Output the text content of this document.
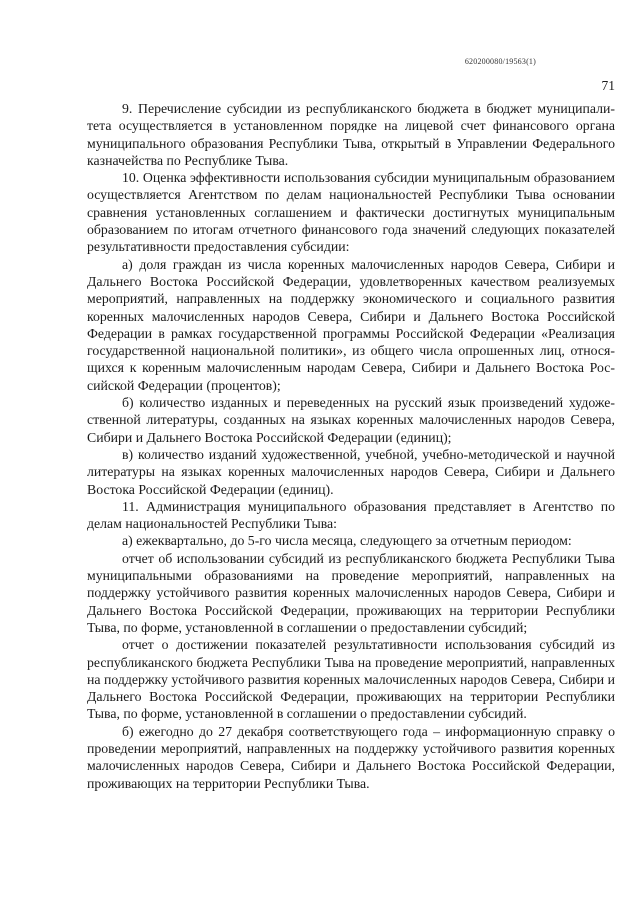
620200080/19563(1)
71

9. Перечисление субсидии из республиканского бюджета в бюджет муниципалитета осуществляется в установленном порядке на лицевой счет финансового органа муниципального образования Республики Тыва, открытый в Управлении Федерального казначейства по Республике Тыва.

10. Оценка эффективности использования субсидии муниципальным образованием осуществляется Агентством по делам национальностей Республики Тыва основании сравнения установленных соглашением и фактически достигнутых муниципальным образованием по итогам отчетного финансового года значений следующих показателей результативности предоставления субсидии:

а) доля граждан из числа коренных малочисленных народов Севера, Сибири и Дальнего Востока Российской Федерации, удовлетворенных качеством реализуемых мероприятий, направленных на поддержку экономического и социального развития коренных малочисленных народов Севера, Сибири и Дальнего Востока Российской Федерации в рамках государственной программы Российской Федерации «Реализация государственной национальной политики», из общего числа опрошенных лиц, относящихся к коренным малочисленным народам Севера, Сибири и Дальнего Востока Российской Федерации (процентов);

б) количество изданных и переведенных на русский язык произведений художественной литературы, созданных на языках коренных малочисленных народов Севера, Сибири и Дальнего Востока Российской Федерации (единиц);

в) количество изданий художественной, учебной, учебно-методической и научной литературы на языках коренных малочисленных народов Севера, Сибири и Дальнего Востока Российской Федерации (единиц).

11. Администрация муниципального образования представляет в Агентство по делам национальностей Республики Тыва:

а) ежеквартально, до 5-го числа месяца, следующего за отчетным периодом:

отчет об использовании субсидий из республиканского бюджета Республики Тыва муниципальными образованиями на проведение мероприятий, направленных на поддержку устойчивого развития коренных малочисленных народов Севера, Сибири и Дальнего Востока Российской Федерации, проживающих на территории Республики Тыва, по форме, установленной в соглашении о предоставлении субсидий;

отчет о достижении показателей результативности использования субсидий из республиканского бюджета Республики Тыва на проведение мероприятий, направленных на поддержку устойчивого развития коренных малочисленных народов Севера, Сибири и Дальнего Востока Российской Федерации, проживающих на территории Республики Тыва, по форме, установленной в соглашении о предоставлении субсидий.

б) ежегодно до 27 декабря соответствующего года – информационную справку о проведении мероприятий, направленных на поддержку устойчивого развития коренных малочисленных народов Севера, Сибири и Дальнего Востока Российской Федерации, проживающих на территории Республики Тыва.
